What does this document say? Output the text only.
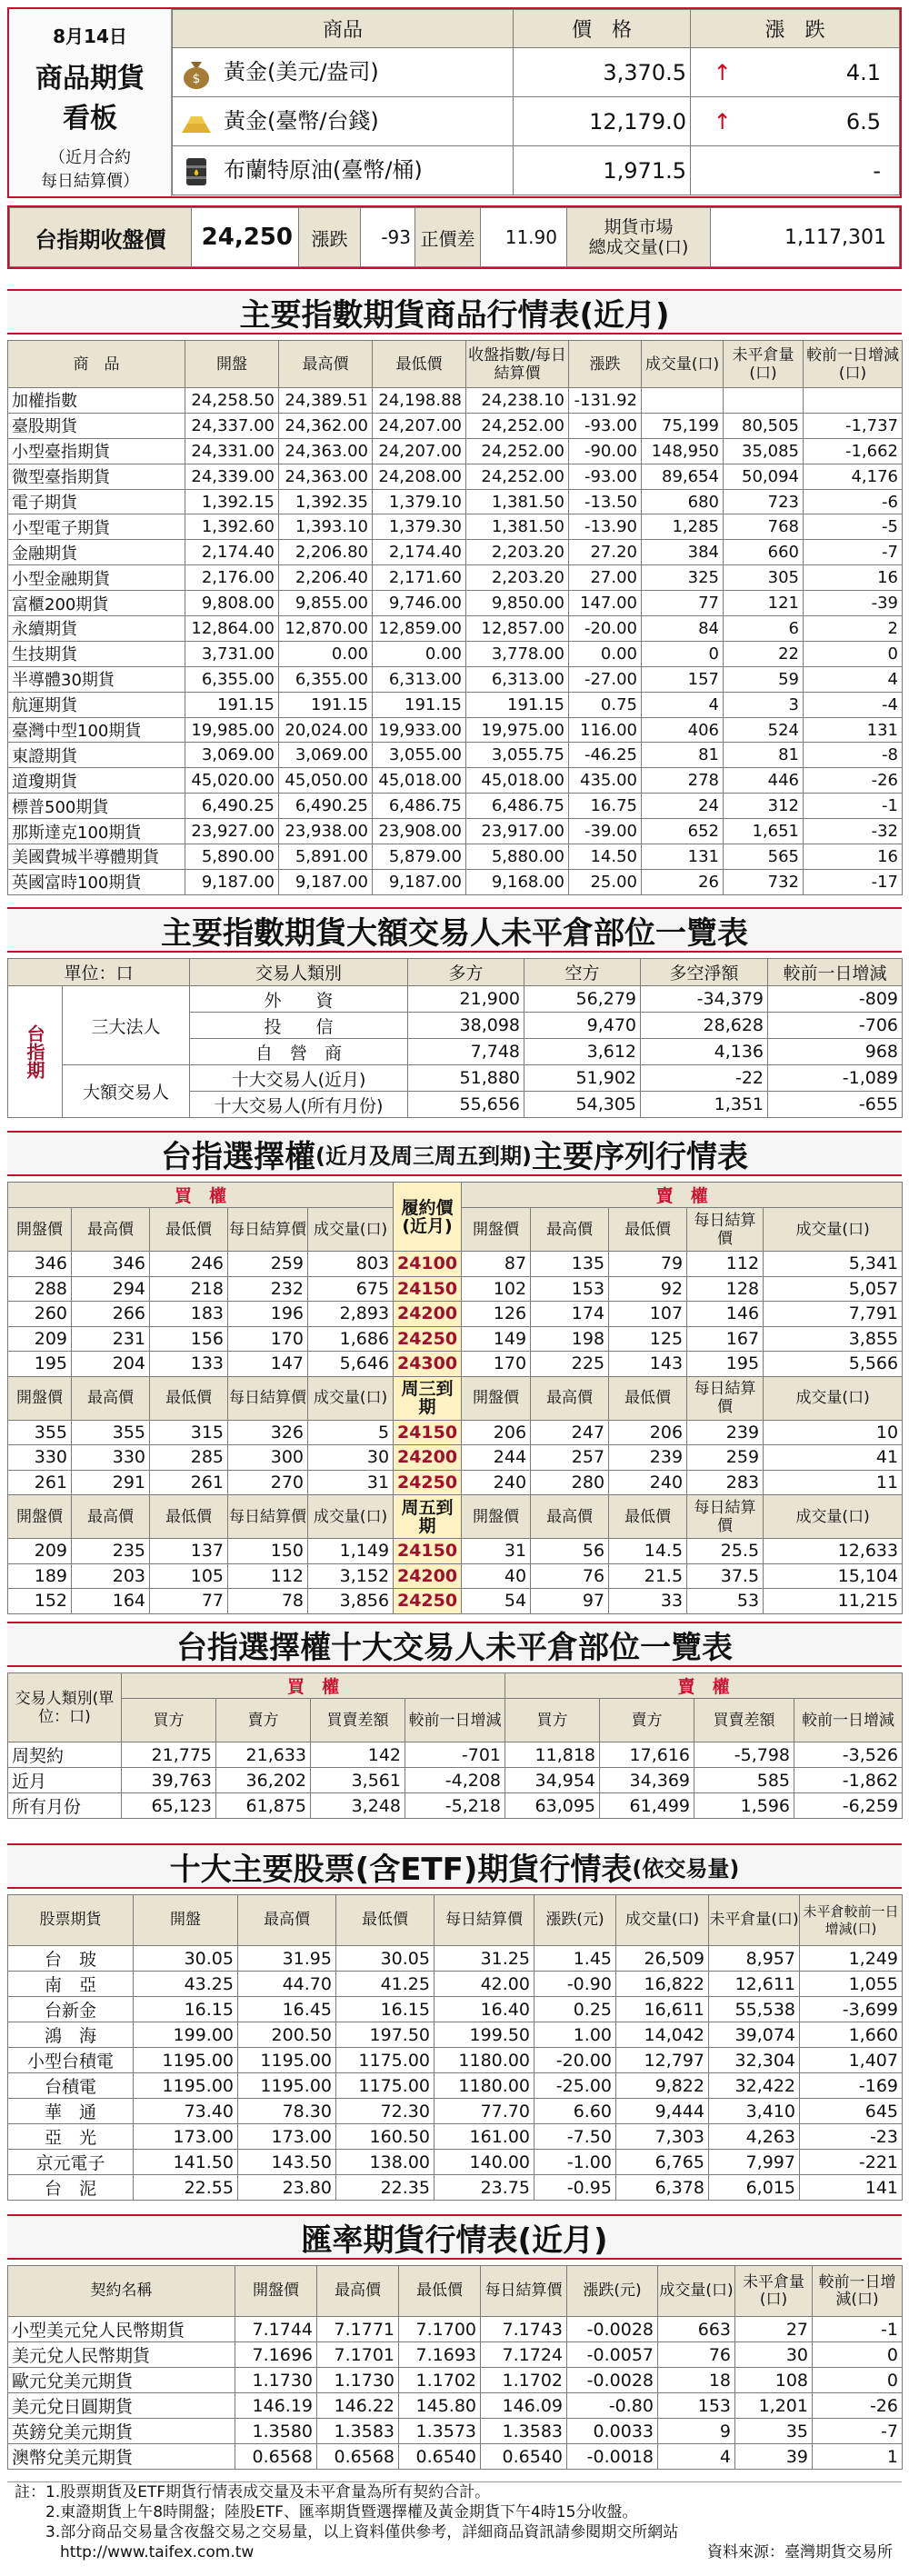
8月14日
商品期貨
看板
（近月合約
每日結算價）
商品	價　格	漲　跌	

$ 黃金(美元/盎司)	3,370.5	↑	4.1
黃金(臺幣/台錢)	12,179.0	↑	6.5
布蘭特原油(臺幣/桶)	1,971.5		-
台指期收盤價	24,250	漲跌	-93	正價差	11.90	期貨市場
總成交量(口)	1,117,301
主要指數期貨商品行情表(近月)
商　品	開盤	最高價	最低價	收盤指數/每日結算價	漲跌	成交量(口)	未平倉量(口)	較前一日增減(口)
加權指數	24,258.50	24,389.51	24,198.88	24,238.10	-131.92			
臺股期貨	24,337.00	24,362.00	24,207.00	24,252.00	-93.00	75,199	80,505	-1,737
小型臺指期貨	24,331.00	24,363.00	24,207.00	24,252.00	-90.00	148,950	35,085	-1,662
微型臺指期貨	24,339.00	24,363.00	24,208.00	24,252.00	-93.00	89,654	50,094	4,176
電子期貨	1,392.15	1,392.35	1,379.10	1,381.50	-13.50	680	723	-6
小型電子期貨	1,392.60	1,393.10	1,379.30	1,381.50	-13.90	1,285	768	-5
金融期貨	2,174.40	2,206.80	2,174.40	2,203.20	27.20	384	660	-7
小型金融期貨	2,176.00	2,206.40	2,171.60	2,203.20	27.00	325	305	16
富櫃200期貨	9,808.00	9,855.00	9,746.00	9,850.00	147.00	77	121	-39
永續期貨	12,864.00	12,870.00	12,859.00	12,857.00	-20.00	84	6	2
生技期貨	3,731.00	0.00	0.00	3,778.00	0.00	0	22	0
半導體30期貨	6,355.00	6,355.00	6,313.00	6,313.00	-27.00	157	59	4
航運期貨	191.15	191.15	191.15	191.15	0.75	4	3	-4
臺灣中型100期貨	19,985.00	20,024.00	19,933.00	19,975.00	116.00	406	524	131
東證期貨	3,069.00	3,069.00	3,055.00	3,055.75	-46.25	81	81	-8
道瓊期貨	45,020.00	45,050.00	45,018.00	45,018.00	435.00	278	446	-26
標普500期貨	6,490.25	6,490.25	6,486.75	6,486.75	16.75	24	312	-1
那斯達克100期貨	23,927.00	23,938.00	23,908.00	23,917.00	-39.00	652	1,651	-32
美國費城半導體期貨	5,890.00	5,891.00	5,879.00	5,880.00	14.50	131	565	16
英國富時100期貨	9,187.00	9,187.00	9,187.00	9,168.00	25.00	26	732	-17
主要指數期貨大額交易人未平倉部位一覽表
單位：口		交易人類別	多方	空方	多空淨額	較前一日增減
台指期	三大法人	外　　資	21,900	56,279	-34,379	-809
		投　　信	38,098	9,470	28,628	-706
		自　營　商	7,748	3,612	4,136	968
	大額交易人	十大交易人(近月)	51,880	51,902	-22	-1,089
		十大交易人(所有月份)	55,656	54,305	1,351	-655
台指選擇權 (近月及周三周五到期) 主要序列行情表
買　權					履約價(近月)	賣　權				
開盤價	最高價	最低價	每日結算價	成交量(口)		開盤價	最高價	最低價	每日結算價	成交量(口)
346	346	246	259	803	24100	87	135	79	112	5,341
288	294	218	232	675	24150	102	153	92	128	5,057
260	266	183	196	2,893	24200	126	174	107	146	7,791
209	231	156	170	1,686	24250	149	198	125	167	3,855
195	204	133	147	5,646	24300	170	225	143	195	5,566
開盤價	最高價	最低價	每日結算價	成交量(口)	周三到期	開盤價	最高價	最低價	每日結算價	成交量(口)
355	355	315	326	5	24150	206	247	206	239	10
330	330	285	300	30	24200	244	257	239	259	41
261	291	261	270	31	24250	240	280	240	283	11
開盤價	最高價	最低價	每日結算價	成交量(口)	周五到期	開盤價	最高價	最低價	每日結算價	成交量(口)
209	235	137	150	1,149	24150	31	56	14.5	25.5	12,633
189	203	105	112	3,152	24200	40	76	21.5	37.5	15,104
152	164	77	78	3,856	24250	54	97	33	53	11,215
台指選擇權十大交易人未平倉部位一覽表
交易人類別(單位：口)	買　權				賣　權			
	買方	賣方	買賣差額	較前一日增減	買方	賣方	買賣差額	較前一日增減
周契約	21,775	21,633	142	-701	11,818	17,616	-5,798	-3,526
近月	39,763	36,202	3,561	-4,208	34,954	34,369	585	-1,862
所有月份	65,123	61,875	3,248	-5,218	63,095	61,499	1,596	-6,259
十大主要股票(含ETF)期貨行情表 (依交易量)
股票期貨	開盤	最高價	最低價	每日結算價	漲跌(元)	成交量(口)	未平倉量(口)	未平倉較前一日增減(口)
台　玻	30.05	31.95	30.05	31.25	1.45	26,509	8,957	1,249
南　亞	43.25	44.70	41.25	42.00	-0.90	16,822	12,611	1,055
台新金	16.15	16.45	16.15	16.40	0.25	16,611	55,538	-3,699
鴻　海	199.00	200.50	197.50	199.50	1.00	14,042	39,074	1,660
小型台積電	1195.00	1195.00	1175.00	1180.00	-20.00	12,797	32,304	1,407
台積電	1195.00	1195.00	1175.00	1180.00	-25.00	9,822	32,422	-169
華　通	73.40	78.30	72.30	77.70	6.60	9,444	3,410	645
亞　光	173.00	173.00	160.50	161.00	-7.50	7,303	4,263	-23
京元電子	141.50	143.50	138.00	140.00	-1.00	6,765	7,997	-221
台　泥	22.55	23.80	22.35	23.75	-0.95	6,378	6,015	141
匯率期貨行情表(近月)
契約名稱	開盤價	最高價	最低價	每日結算價	漲跌(元)	成交量(口)	未平倉量(口)	較前一日增減(口)
小型美元兌人民幣期貨	7.1744	7.1771	7.1700	7.1743	-0.0028	663	27	-1
美元兌人民幣期貨	7.1696	7.1701	7.1693	7.1724	-0.0057	76	30	0
歐元兌美元期貨	1.1730	1.1730	1.1702	1.1702	-0.0028	18	108	0
美元兌日圓期貨	146.19	146.22	145.80	146.09	-0.80	153	1,201	-26
英鎊兌美元期貨	1.3580	1.3583	1.3573	1.3583	0.0033	9	35	-7
澳幣兌美元期貨	0.6568	0.6568	0.6540	0.6540	-0.0018	4	39	1
註：1.股票期貨及ETF期貨行情表成交量及未平倉量為所有契約合計。
2.東證期貨上午8時開盤；陸股ETF、匯率期貨暨選擇權及黃金期貨下午4時15分收盤。
3.部分商品交易量含夜盤交易之交易量，以上資料僅供參考，詳細商品資訊請參閱期交所網站
http://www.taifex.com.tw	資料來源：臺灣期貨交易所
